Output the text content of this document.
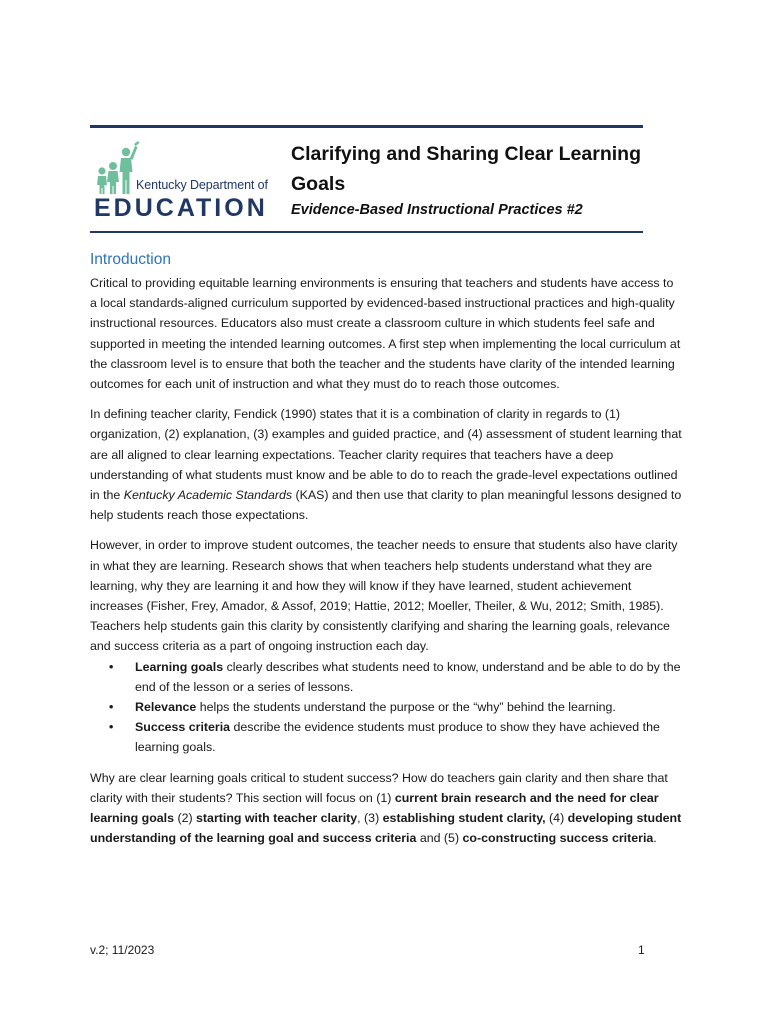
Kentucky Department of
EDUCATION
Clarifying and Sharing Clear Learning Goals
Evidence-Based Instructional Practices #2
Introduction

Critical to providing equitable learning environments is ensuring that teachers and students have access to a local standards-aligned curriculum supported by evidenced-based instructional practices and high-quality instructional resources. Educators also must create a classroom culture in which students feel safe and supported in meeting the intended learning outcomes. A first step when implementing the local curriculum at the classroom level is to ensure that both the teacher and the students have clarity of the intended learning outcomes for each unit of instruction and what they must do to reach those outcomes.

In defining teacher clarity, Fendick (1990) states that it is a combination of clarity in regards to (1) organization, (2) explanation, (3) examples and guided practice, and (4) assessment of student learning that are all aligned to clear learning expectations. Teacher clarity requires that teachers have a deep understanding of what students must know and be able to do to reach the grade-level expectations outlined in the Kentucky Academic Standards (KAS) and then use that clarity to plan meaningful lessons designed to help students reach those expectations.

However, in order to improve student outcomes, the teacher needs to ensure that students also have clarity in what they are learning. Research shows that when teachers help students understand what they are learning, why they are learning it and how they will know if they have learned, student achievement increases (Fisher, Frey, Amador, & Assof, 2019; Hattie, 2012; Moeller, Theiler, & Wu, 2012; Smith, 1985). Teachers help students gain this clarity by consistently clarifying and sharing the learning goals, relevance and success criteria as a part of ongoing instruction each day.

• Learning goals clearly describes what students need to know, understand and be able to do by the end of the lesson or a series of lessons.
• Relevance helps the students understand the purpose or the “why” behind the learning.
• Success criteria describe the evidence students must produce to show they have achieved the learning goals.

Why are clear learning goals critical to student success? How do teachers gain clarity and then share that clarity with their students? This section will focus on (1) current brain research and the need for clear learning goals (2) starting with teacher clarity, (3) establishing student clarity, (4) developing student understanding of the learning goal and success criteria and (5) co-constructing success criteria.

v.2; 11/2023	1
